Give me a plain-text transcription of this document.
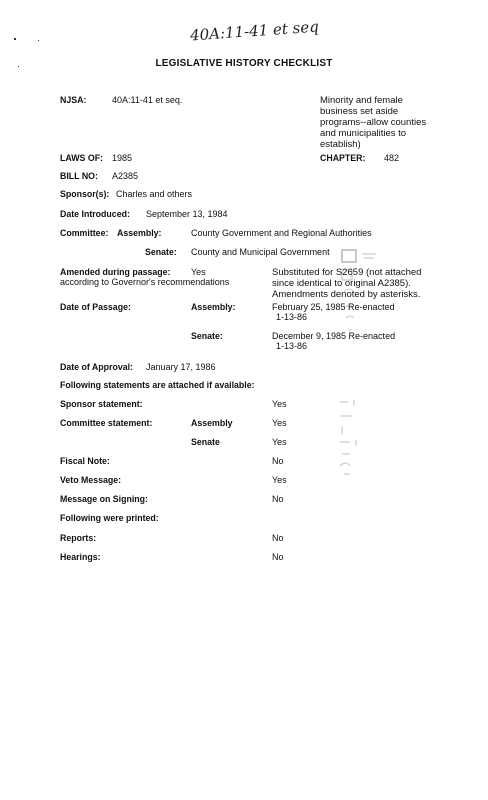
40A:11-41 et seq
LEGISLATIVE HISTORY CHECKLIST
NJSA:	40A:11-41 et seq.	Minority and female
business set aside
programs--allow counties
and municipalities to
establish)
LAWS OF: 1985	CHAPTER: 482
BILL NO: A2385
Sponsor(s): Charles and others
Date Introduced: September 13, 1984
Committee: Assembly:	County Government and Regional Authorities
Senate: County and Municipal Government
Amended during passage: Yes
according to Governor's recommendations
Substituted for S2659 (not attached
since identical to original A2385).
Amendments denoted by asterisks.
Date of Passage:	Assembly:	February 25, 1985 Re-enacted
1-13-86
Senate:	December 9, 1985 Re-enacted
1-13-86
Date of Approval: January 17, 1986
Following statements are attached if available:
Sponsor statement:	Yes
Committee statement:	Assembly	Yes
Senate	Yes
Fiscal Note:	No
Veto Message:	Yes
Message on Signing:	No
Following were printed:
Reports:	No
Hearings:	No
